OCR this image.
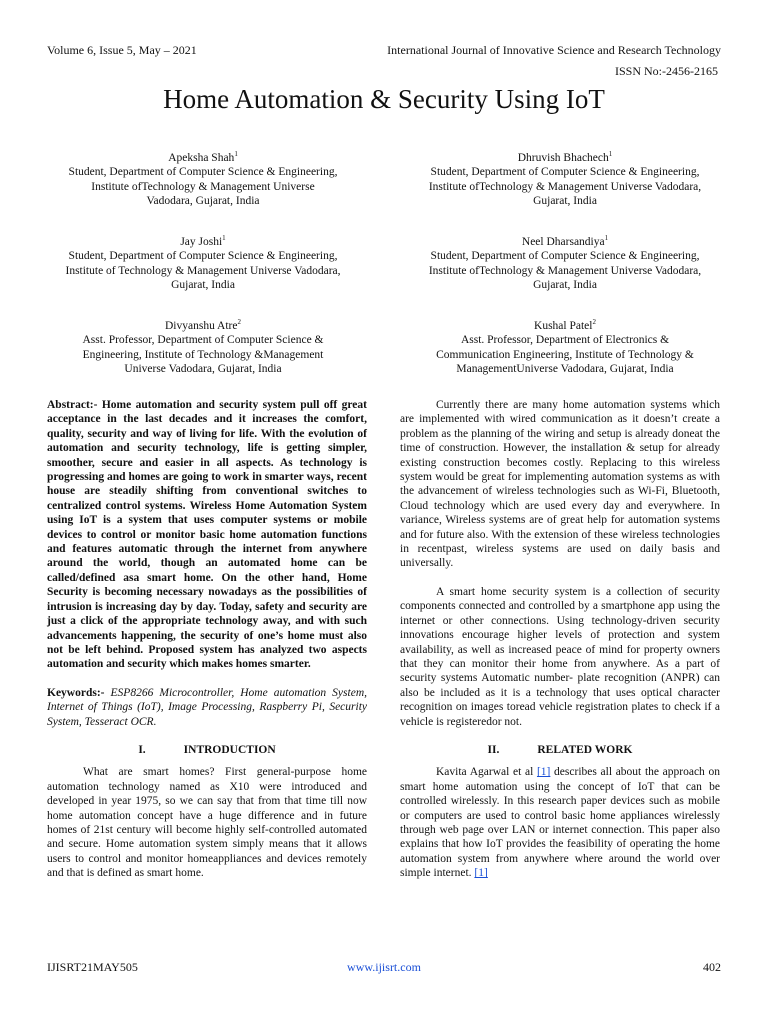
Volume 6, Issue 5, May – 2021	International Journal of Innovative Science and Research Technology
ISSN No:-2456-2165
Home Automation & Security Using IoT
Apeksha Shah$^1$
Student, Department of Computer Science & Engineering,
Institute ofTechnology & Management Universe
Vadodara, Gujarat, India
Dhruvish Bhachech$^1$
Student, Department of Computer Science & Engineering,
Institute ofTechnology & Management Universe Vadodara,
Gujarat, India
Jay Joshi$^1$
Student, Department of Computer Science & Engineering,
Institute of Technology & Management Universe Vadodara,
Gujarat, India
Neel Dharsandiya$^1$
Student, Department of Computer Science & Engineering,
Institute ofTechnology & Management Universe Vadodara,
Gujarat, India
Divyanshu Atre$^2$
Asst. Professor, Department of Computer Science &
Engineering, Institute of Technology &Management
Universe Vadodara, Gujarat, India
Kushal Patel$^2$
Asst. Professor, Department of Electronics &
Communication Engineering, Institute of Technology &
ManagementUniverse Vadodara, Gujarat, India
Abstract:- Home automation and security system pull off great acceptance in the last decades and it increases the comfort, quality, security and way of living for life. With the evolution of automation and security technology, life is getting simpler, smoother, secure and easier in all aspects. As technology is progressing and homes are going to work in smarter ways, recent house are steadily shifting from conventional switches to centralized control systems. Wireless Home Automation System using IoT is a system that uses computer systems or mobile devices to control or monitor basic home automation functions and features automatic through the internet from anywhere around the world, though an automated home can be called/defined asa smart home. On the other hand, Home Security is becoming necessary nowadays as the possibilities of intrusion is increasing day by day. Today, safety and security are just a click of the appropriate technology away, and with such advancements happening, the security of one’s home must also not be left behind. Proposed system has analyzed two aspects automation and security which makes homes smarter.
Keywords:- ESP8266 Microcontroller, Home automation System, Internet of Things (IoT), Image Processing, Raspberry Pi, Security System, Tesseract OCR.
I.	INTRODUCTION

What are smart homes? First general-purpose home automation technology named as X10 were introduced and developed in year 1975, so we can say that from that time till now home automation concept have a huge difference and in future homes of 21st century will become highly self-controlled automated and secure. Home automation system simply means that it allows users to control and monitor homeappliances and devices remotely and that is defined as smart home.

Currently there are many home automation systems which are implemented with wired communication as it doesn’t create a problem as the planning of the wiring and setup is already doneat the time of construction. However, the installation & setup for already existing construction becomes costly. Replacing to this wireless system would be great for implementing automation systems as with the advancement of wireless technologies such as Wi-Fi, Bluetooth, Cloud technology which are used every day and everywhere. In variance, Wireless systems are of great help for automation systems and for future also. With the extension of these wireless technologies in recentpast, wireless systems are used on daily basis and universally.

A smart home security system is a collection of security components connected and controlled by a smartphone app using the internet or other connections. Using technology-driven security innovations encourage higher levels of protection and system availability, as well as increased peace of mind for property owners that they can monitor their home from anywhere. As a part of security systems Automatic number- plate recognition (ANPR) can also be included as it is a technology that uses optical character recognition on images toread vehicle registration plates to check if a vehicle is registeredor not.

II.	RELATED WORK

Kavita Agarwal et al [1] describes all about the approach on smart home automation using the concept of IoT that can be controlled wirelessly. In this research paper devices such as mobile or computers are used to control basic home appliances wirelessly through web page over LAN or internet connection. This paper also explains that how IoT provides the feasibility of operating the home automation system from anywhere where around the world over simple internet. [1]

IJISRT21MAY505	www.ijisrt.com	402
